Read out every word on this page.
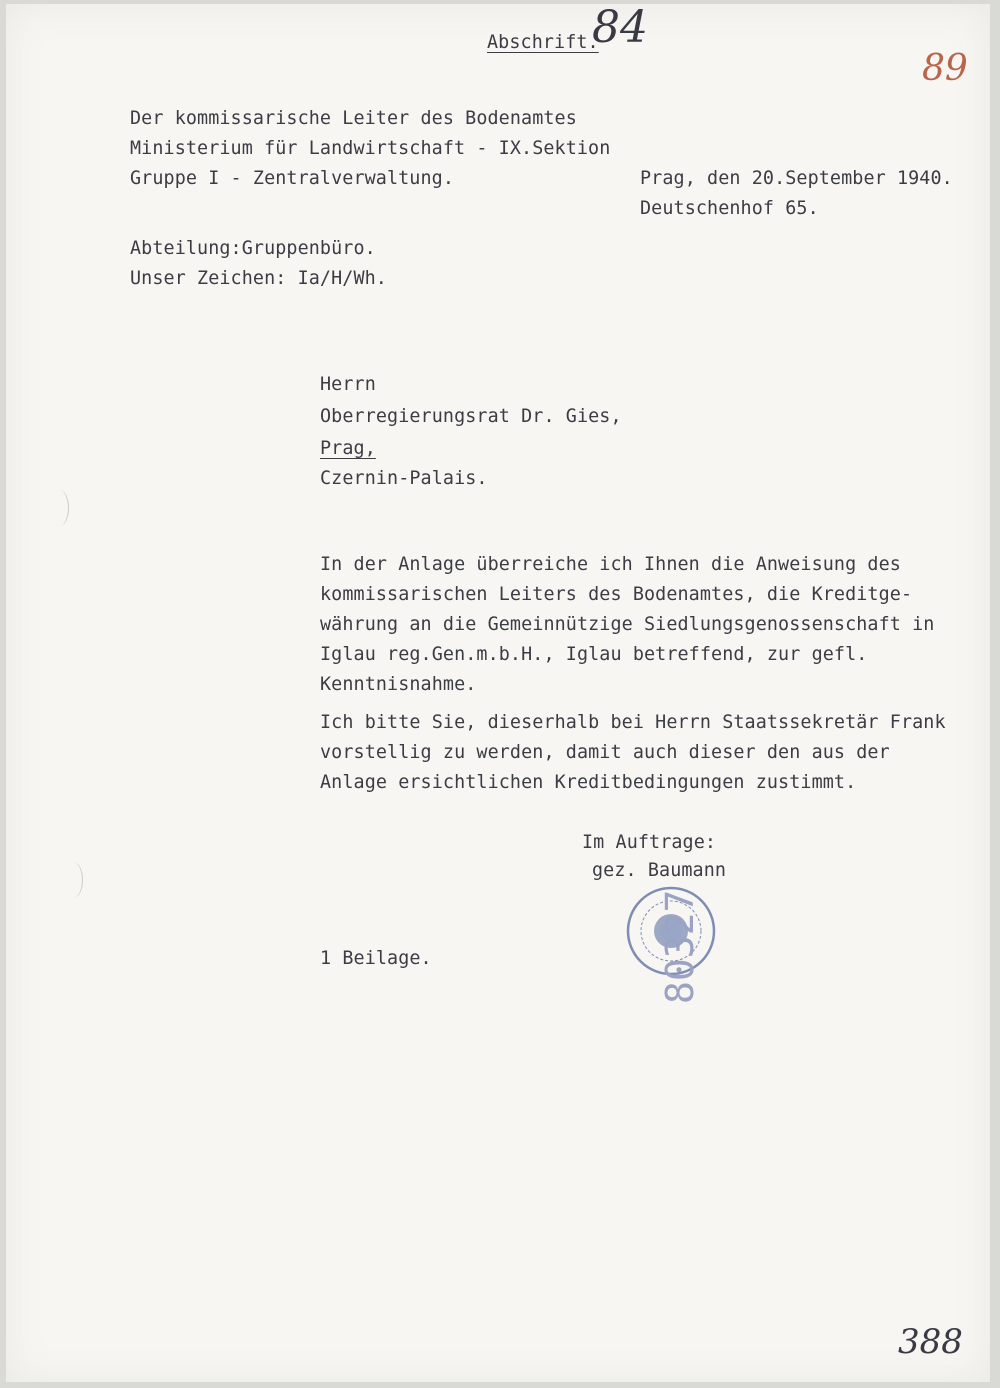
Abschrift.
84
89
Der kommissarische Leiter des Bodenamtes
Ministerium für Landwirtschaft - IX.Sektion
Gruppe I - Zentralverwaltung.	Prag, den 20.September 1940.
Deutschenhof 65.
Abteilung:Gruppenbüro.
Unser Zeichen: Ia/H/Wh.
Herrn
Oberregierungsrat Dr. Gies,
Prag,
Czernin-Palais.
In der Anlage überreiche ich Ihnen die Anweisung des
kommissarischen Leiters des Bodenamtes, die Kreditge-
währung an die Gemeinnützige Siedlungsgenossenschaft in
Iglau reg.Gen.m.b.H., Iglau betreffend, zur gefl.
Kenntnisnahme.
Ich bitte Sie, dieserhalb bei Herrn Staatssekretär Frank
vorstellig zu werden, damit auch dieser den aus der
Anlage ersichtlichen Kreditbedingungen zustimmt.
Im Auftrage:
gez. Baumann
80327
1 Beilage.
388
